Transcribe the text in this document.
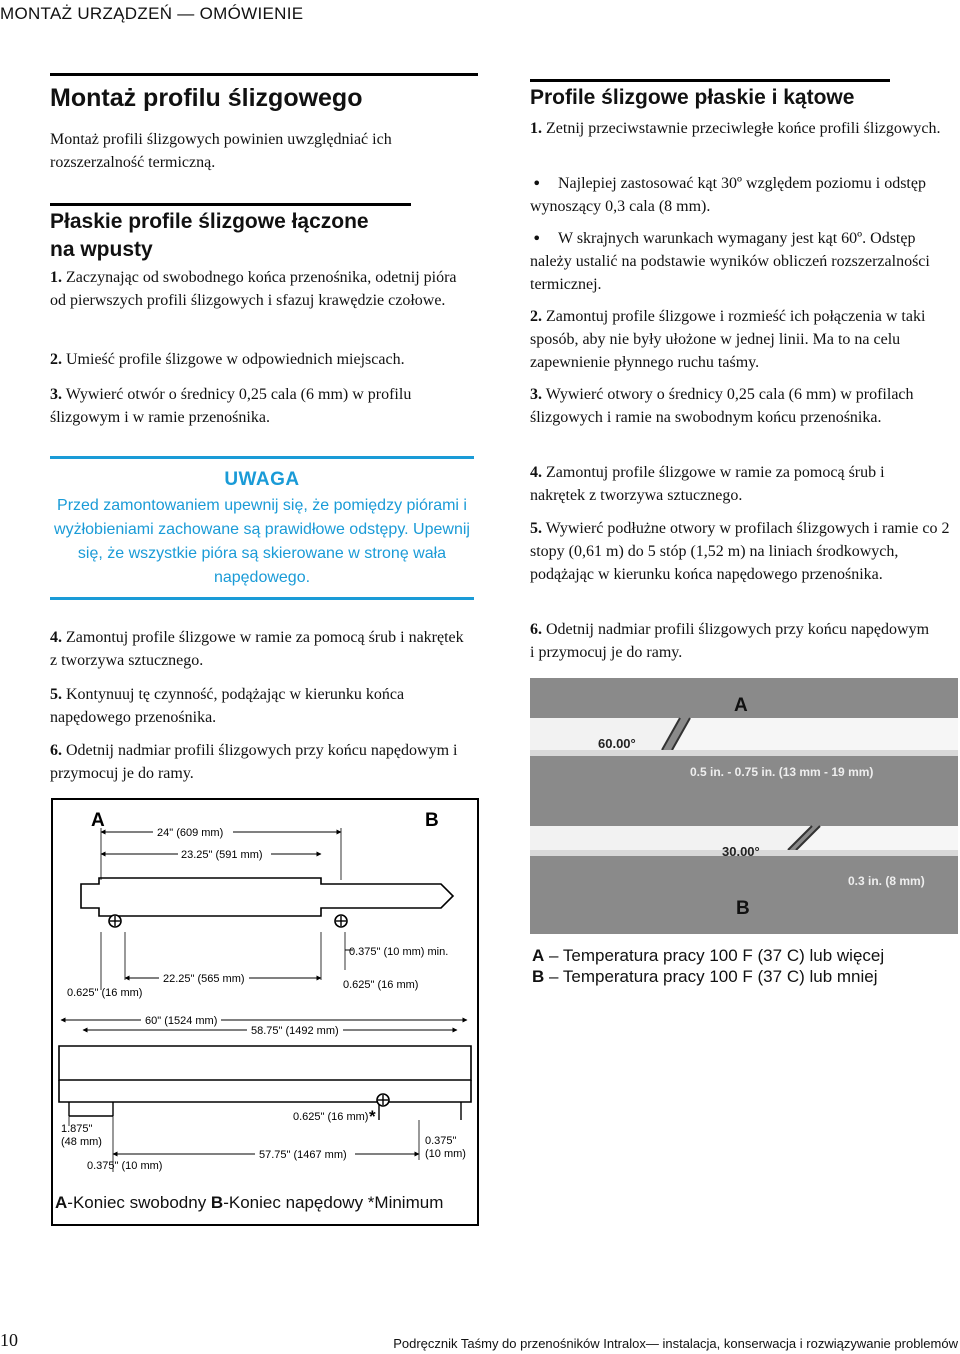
MONTAŻ URZĄDZEŃ — OMÓWIENIE
Montaż profilu ślizgowego

Montaż profili ślizgowych powinien uwzględniać ich rozszerzalność termiczną.

Płaskie profile ślizgowe łączone
na wpusty

1. Zaczynając od swobodnego końca przenośnika, odetnij pióra od pierwszych profili ślizgowych i sfazuj krawędzie czołowe.

2. Umieść profile ślizgowe w odpowiednich miejscach.

3. Wywierć otwór o średnicy 0,25 cala (6 mm) w profilu ślizgowym i w ramie przenośnika.

UWAGA
Przed zamontowaniem upewnij się, że pomiędzy piórami i wyżłobieniami zachowane są prawidłowe odstępy. Upewnij się, że wszystkie pióra są skierowane w stronę wała napędowego.

4. Zamontuj profile ślizgowe w ramie za pomocą śrub i nakrętek z tworzywa sztucznego.

5. Kontynuuj tę czynność, podążając w kierunku końca napędowego przenośnika.

6. Odetnij nadmiar profili ślizgowych przy końcu napędowym i przymocuj je do ramy.

A	B
24" (609 mm)
23.25" (591 mm)
0.375" (10 mm) min.
22.25" (565 mm)
0.625" (16 mm)
0.625" (16 mm)
60" (1524 mm)
58.75" (1492 mm)
0.625" (16 mm) *
1.875"
(48 mm)
57.75" (1467 mm)
0.375"
(10 mm)
0.375" (10 mm)
A-Koniec swobodny B-Koniec napędowy *Minimum
Profile ślizgowe płaskie i kątowe

1. Zetnij przeciwstawnie przeciwległe końce profili ślizgowych.

•	Najlepiej zastosować kąt 30º względem poziomu i odstęp wynoszący 0,3 cala (8 mm).

•	W skrajnych warunkach wymagany jest kąt 60º. Odstęp należy ustalić na podstawie wyników obliczeń rozszerzalności termicznej.

2. Zamontuj profile ślizgowe i rozmieść ich połączenia w taki sposób, aby nie były ułożone w jednej linii. Ma to na celu zapewnienie płynnego ruchu taśmy.

3. Wywierć otwory o średnicy 0,25 cala (6 mm) w profilach ślizgowych i ramie na swobodnym końcu przenośnika.

4. Zamontuj profile ślizgowe w ramie za pomocą śrub i nakrętek z tworzywa sztucznego.

5. Wywierć podłużne otwory w profilach ślizgowych i ramie co 2 stopy (0,61 m) do 5 stóp (1,52 m) na liniach środkowych, podążając w kierunku końca napędowego przenośnika.

6. Odetnij nadmiar profili ślizgowych przy końcu napędowym i przymocuj je do ramy.

A
60.00°
0.5 in. - 0.75 in. (13 mm - 19 mm)
30.00°
0.3 in. (8 mm)
B
A – Temperatura pracy 100 F (37 C) lub więcej
B – Temperatura pracy 100 F (37 C) lub mniej
10	Podręcznik Taśmy do przenośników Intralox— instalacja, konserwacja i rozwiązywanie problemów
